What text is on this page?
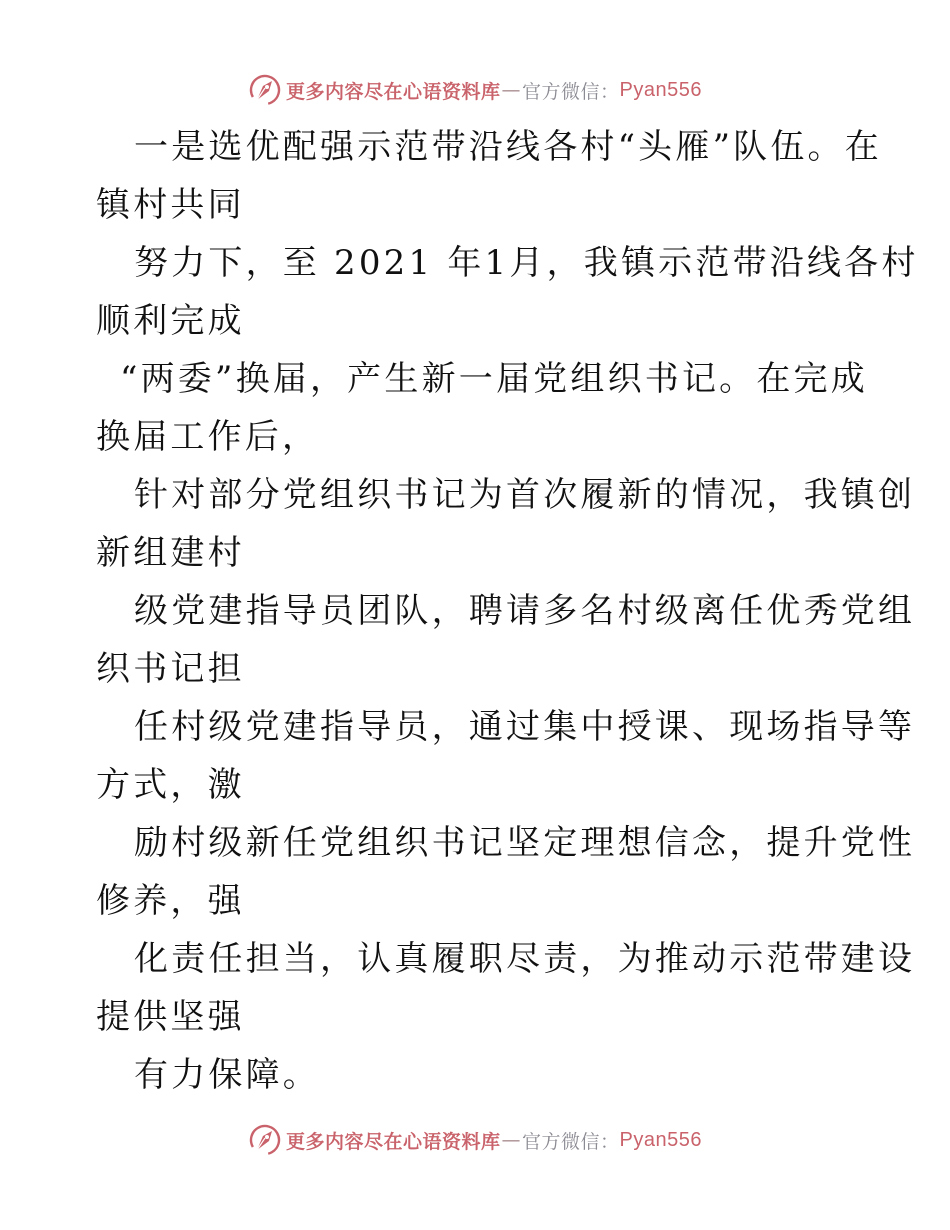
更多内容尽在心语资料库 — 官方微信： Pyan556
一是选优配强示范带沿线各村“头雁”队伍。在
镇村共同
努力下，至 2021 年1月，我镇示范带沿线各村
顺利完成
“两委”换届，产生新一届党组织书记。在完成
换届工作后，
针对部分党组织书记为首次履新的情况，我镇创
新组建村
级党建指导员团队，聘请多名村级离任优秀党组
织书记担
任村级党建指导员，通过集中授课、现场指导等
方式，激
励村级新任党组织书记坚定理想信念，提升党性
修养，强
化责任担当，认真履职尽责，为推动示范带建设
提供坚强
有力保障。
更多内容尽在心语资料库 — 官方微信： Pyan556
